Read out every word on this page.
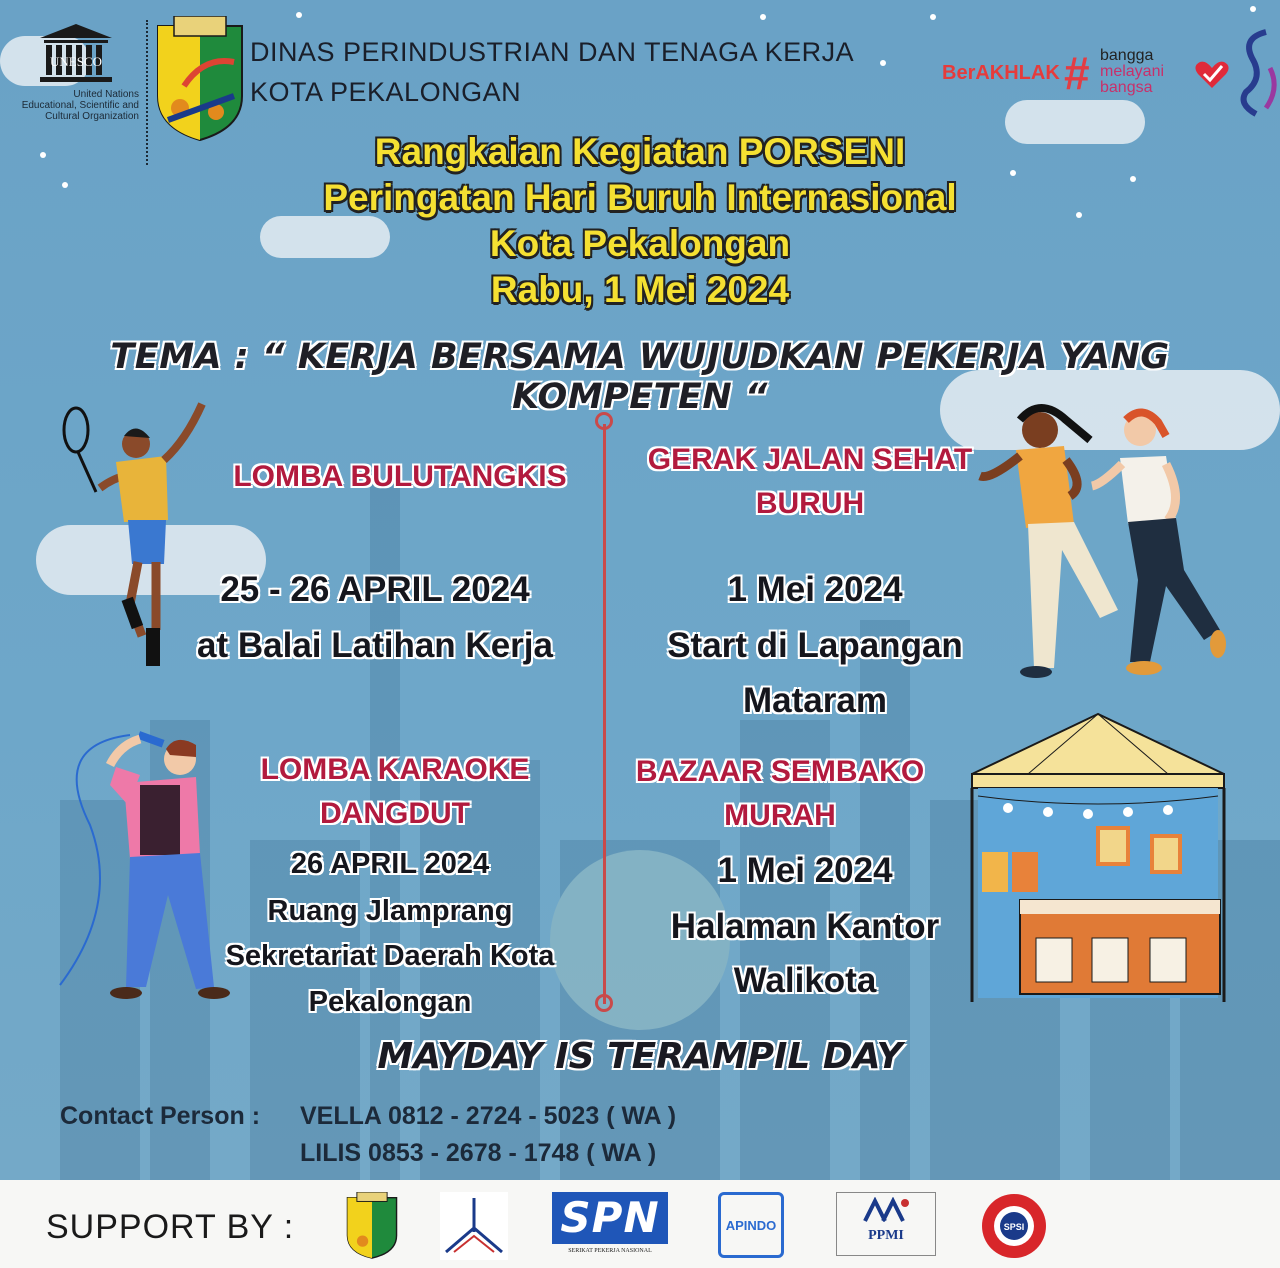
UNESCO
United Nations
Educational, Scientific and
Cultural Organization
DINAS PERINDUSTRIAN DAN TENAGA KERJA
KOTA PEKALONGAN
BerAKHLAK # bangga
melayani
bangsa
Rangkaian Kegiatan PORSENI
Peringatan Hari Buruh Internasional
Kota Pekalongan
Rabu, 1 Mei 2024
TEMA : “ KERJA BERSAMA WUJUDKAN PEKERJA YANG KOMPETEN “
LOMBA BULUTANGKIS
25 - 26 APRIL 2024
at Balai Latihan Kerja
GERAK JALAN SEHAT
BURUH
1 Mei 2024
Start di Lapangan
Mataram
LOMBA KARAOKE
DANGDUT
26 APRIL 2024
Ruang Jlamprang
Sekretariat Daerah Kota
Pekalongan
BAZAAR SEMBAKO
MURAH
1 Mei 2024
Halaman Kantor
Walikota
MAYDAY IS TERAMPIL DAY
Contact Person : VELLA 0812 - 2724 - 5023 ( WA )
LILIS 0853 - 2678 - 1748 ( WA )
SUPPORT BY :	SPN
SERIKAT PEKERJA NASIONAL
APINDO
PPMI
SPSI
